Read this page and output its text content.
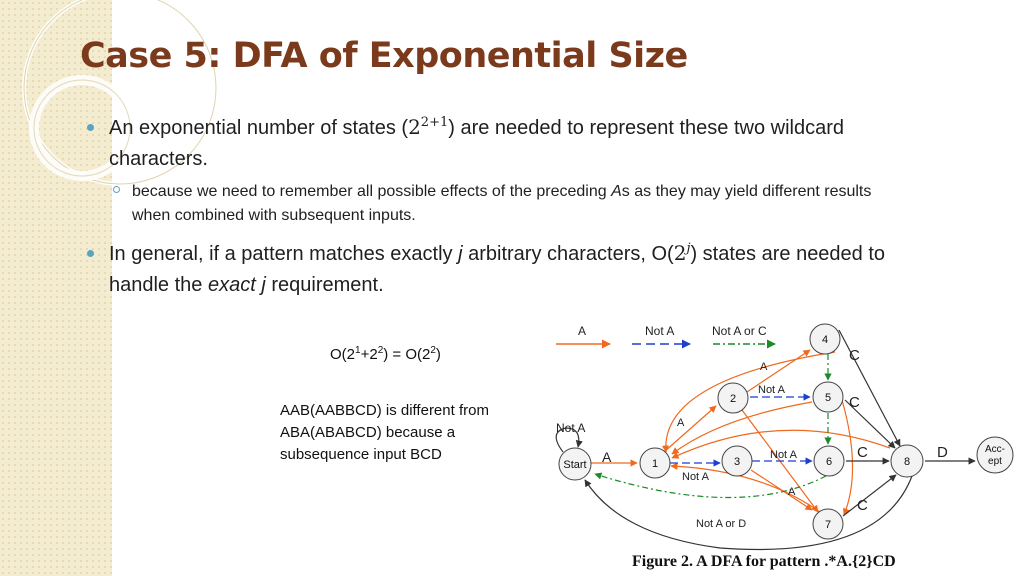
Case 5: DFA of Exponential Size
An exponential number of states $(2^{2+1})$ are needed to represent these two wildcard characters.
because we need to remember all possible effects of the preceding As as they may yield different results when combined with subsequent inputs.
In general, if a pattern matches exactly j arbitrary characters, O(2$^j$) states are needed to handle the exact j requirement.
$O(2^1+2^2) = O(2^2)$
AAB(AABBCD) is different from ABA(ABABCD) because a subsequence input BCD
A	Not A	Not A or C
Start	1
2
3
4
5
6
7
8
Acc-
ept
Not A
A
A
A
Not A
Not A
Not A
A
Not A or D
C
C
C
C
D
Figure 2. A DFA for pattern .*A.{2}CD
